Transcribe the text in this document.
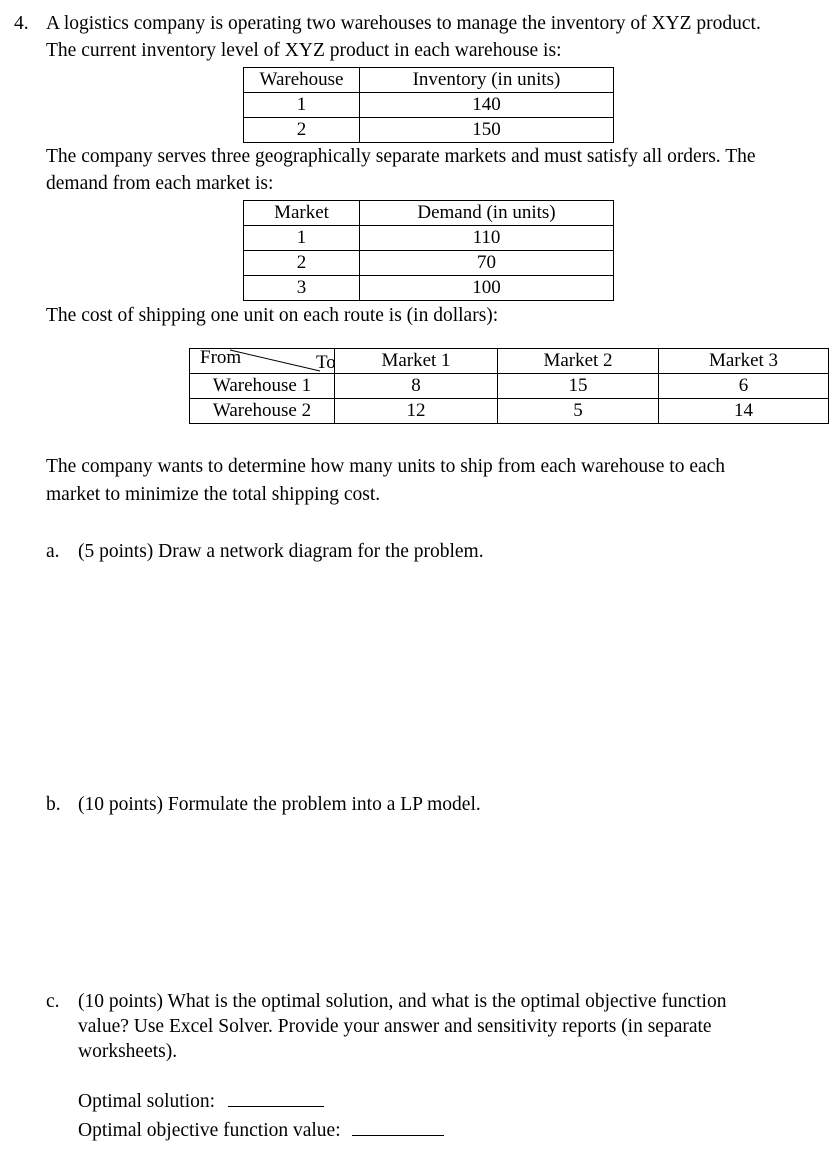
4. A logistics company is operating two warehouses to manage the inventory of XYZ product.
The current inventory level of XYZ product in each warehouse is:
Warehouse	Inventory (in units)
1	140
2	150
The company serves three geographically separate markets and must satisfy all orders. The
demand from each market is:
Market	Demand (in units)
1	110
2	70
3	100
The cost of shipping one unit on each route is (in dollars):
From To	Market 1	Market 2	Market 3
Warehouse 1	8	15	6
Warehouse 2	12	5	14
The company wants to determine how many units to ship from each warehouse to each
market to minimize the total shipping cost.
a. (5 points) Draw a network diagram for the problem.
b. (10 points) Formulate the problem into a LP model.
c. (10 points) What is the optimal solution, and what is the optimal objective function
value? Use Excel Solver. Provide your answer and sensitivity reports (in separate
worksheets).
Optimal solution:
Optimal objective function value:
